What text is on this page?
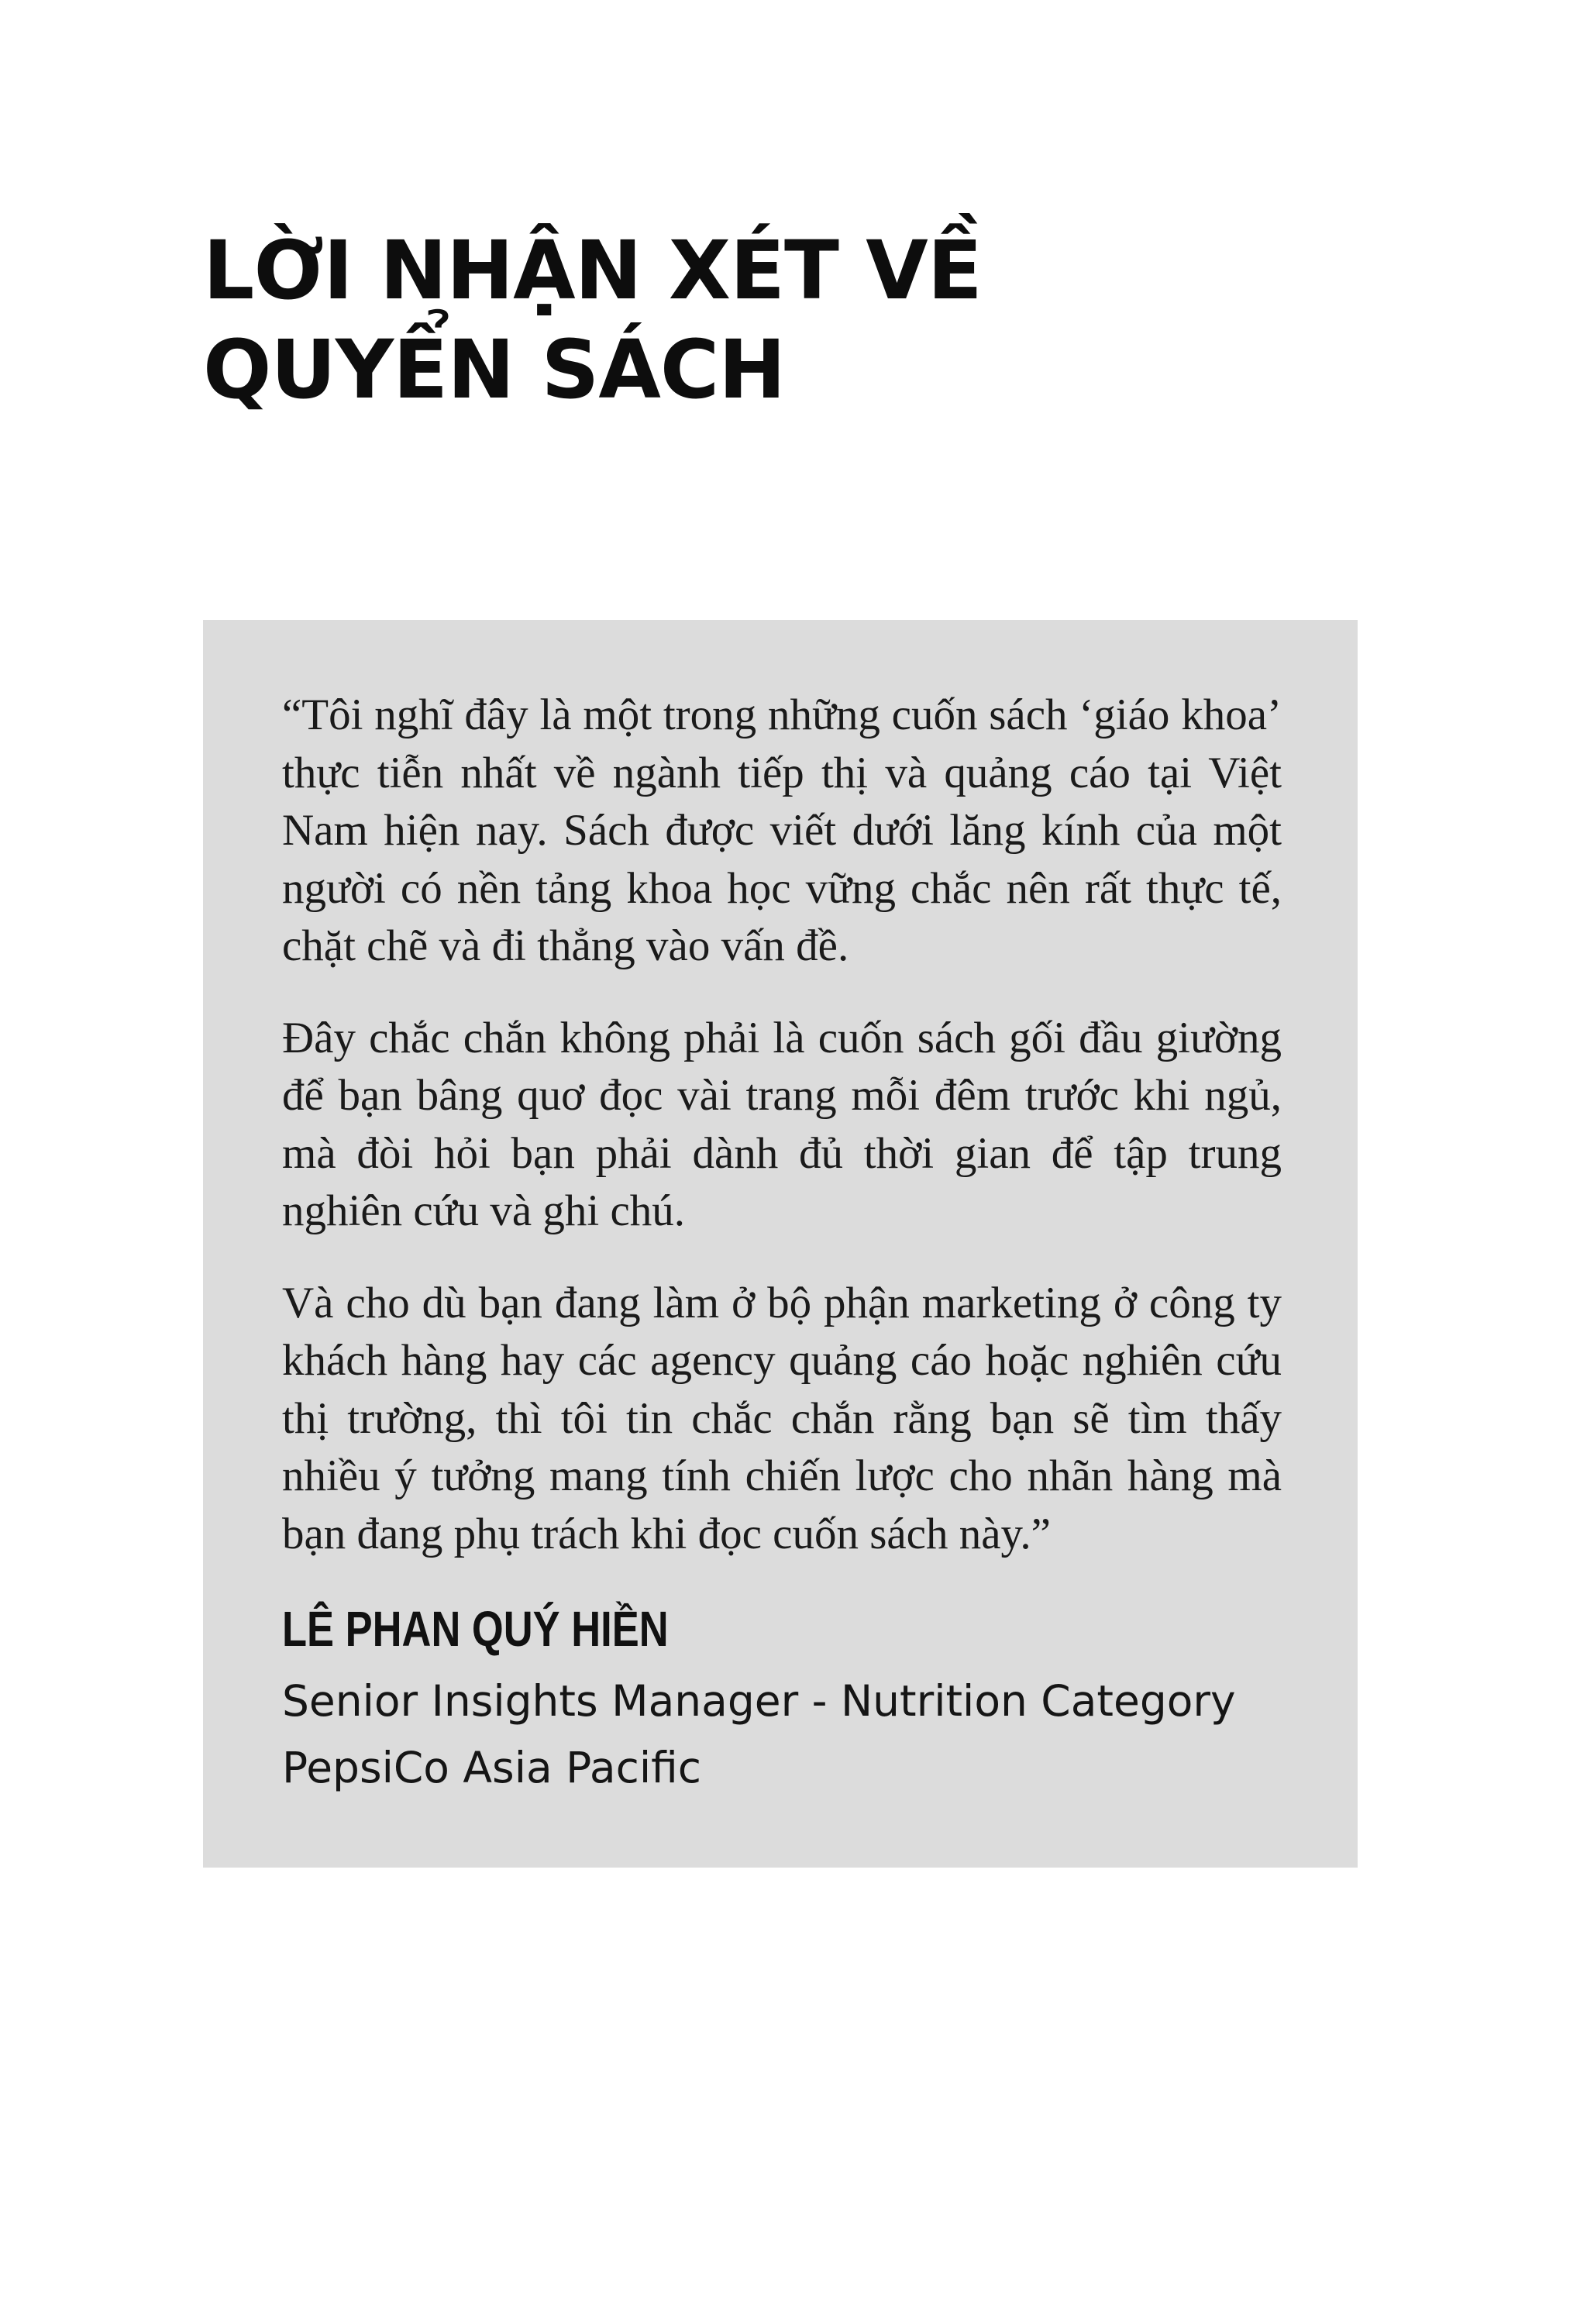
LỜI NHẬN XÉT VỀ
QUYỂN SÁCH

“Tôi nghĩ đây là một trong những cuốn sách ‘giáo khoa’ thực tiễn nhất về ngành tiếp thị và quảng cáo tại Việt Nam hiện nay. Sách được viết dưới lăng kính của một người có nền tảng khoa học vững chắc nên rất thực tế, chặt chẽ và đi thẳng vào vấn đề.

Đây chắc chắn không phải là cuốn sách gối đầu giường để bạn bâng quơ đọc vài trang mỗi đêm trước khi ngủ, mà đòi hỏi bạn phải dành đủ thời gian để tập trung nghiên cứu và ghi chú.

Và cho dù bạn đang làm ở bộ phận marketing ở công ty khách hàng hay các agency quảng cáo hoặc nghiên cứu thị trường, thì tôi tin chắc chắn rằng bạn sẽ tìm thấy nhiều ý tưởng mang tính chiến lược cho nhãn hàng mà bạn đang phụ trách khi đọc cuốn sách này.”

LÊ PHAN QUÝ HIỀN
Senior Insights Manager - Nutrition Category
PepsiCo Asia Pacific
